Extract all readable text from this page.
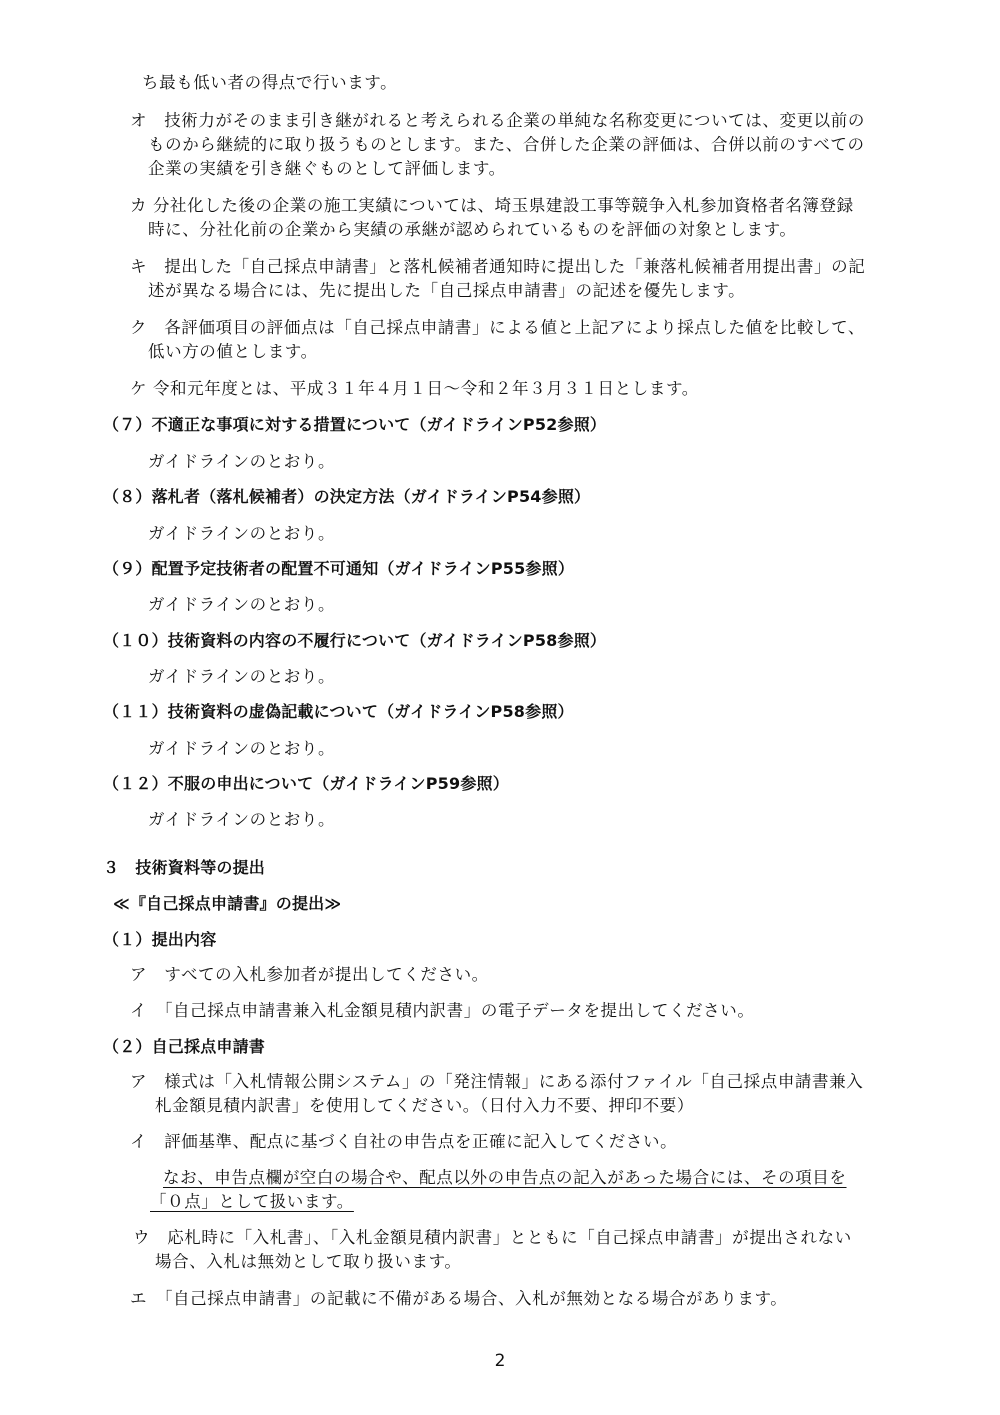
ち最も低い者の得点で行います。
オ　技術力がそのまま引き継がれると考えられる企業の単純な名称変更については、変更以前の
ものから継続的に取り扱うものとします。また、合併した企業の評価は、合併以前のすべての
企業の実績を引き継ぐものとして評価します。
カ 分社化した後の企業の施工実績については、埼玉県建設工事等競争入札参加資格者名簿登録
時に、分社化前の企業から実績の承継が認められているものを評価の対象とします。
キ　提出した「自己採点申請書」と落札候補者通知時に提出した「兼落札候補者用提出書」の記
述が異なる場合には、先に提出した「自己採点申請書」の記述を優先します。
ク　各評価項目の評価点は「自己採点申請書」による値と上記アにより採点した値を比較して、
低い方の値とします。
ケ 令和元年度とは、平成３１年４月１日～令和２年３月３１日とします。
（７）不適正な事項に対する措置について（ガイドラインP52参照）
ガイドラインのとおり。
（８）落札者（落札候補者）の決定方法（ガイドラインP54参照）
ガイドラインのとおり。
（９）配置予定技術者の配置不可通知（ガイドラインP55参照）
ガイドラインのとおり。
（１０）技術資料の内容の不履行について（ガイドラインP58参照）
ガイドラインのとおり。
（１１）技術資料の虚偽記載について（ガイドラインP58参照）
ガイドラインのとおり。
（１２）不服の申出について（ガイドラインP59参照）
ガイドラインのとおり。
３　技術資料等の提出
≪『自己採点申請書』の提出≫
（１）提出内容
ア　すべての入札参加者が提出してください。
イ　「自己採点申請書兼入札金額見積内訳書」の電子データを提出してください。
（２）自己採点申請書
ア　様式は「入札情報公開システム」の「発注情報」にある添付ファイル「自己採点申請書兼入
札金額見積内訳書」を使用してください。（日付入力不要、押印不要）
イ　評価基準、配点に基づく自社の申告点を正確に記入してください。
なお、申告点欄が空白の場合や、配点以外の申告点の記入があった場合には、その項目を
「０点」として扱います。
ウ　応札時に「入札書」、「入札金額見積内訳書」とともに「自己採点申請書」が提出されない
場合、入札は無効として取り扱います。
エ　「自己採点申請書」の記載に不備がある場合、入札が無効となる場合があります。
2
